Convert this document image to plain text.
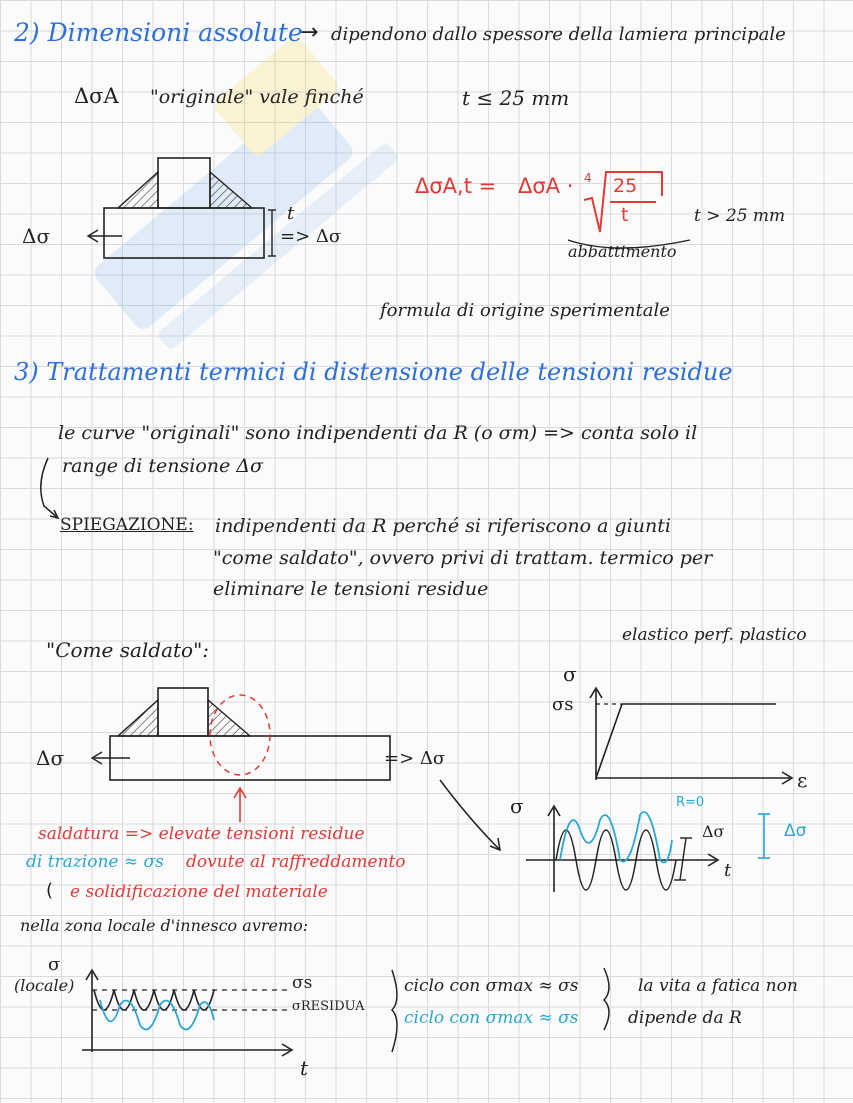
2) Dimensioni assolute
→ dipendono dallo spessore della lamiera principale
ΔσA "originale" vale finché	t ≤ 25 mm
ΔσA,t = ΔσA · 4 25
t	t > 25 mm
abbattimento
Δσ	=> Δσ
t
formula di origine sperimentale
3) Trattamenti termici di distensione delle tensioni residue
le curve "originali" sono indipendenti da R (o σm) => conta solo il
range di tensione Δσ
SPIEGAZIONE: indipendenti da R perché si riferiscono a giunti
"come saldato", ovvero privi di trattam. termico per
eliminare le tensioni residue
"Come saldato":
elastico perf. plastico
Δσ	=> Δσ
saldatura => elevate tensioni residue
di trazione ≈ σs dovute al raffreddamento
e solidificazione del materiale
(
nella zona locale d'innesco avremo:
σ
σs
ε
σ	R=0
Δσ	Δσ
t
σ
(locale)	σs
σRESIDUA
t
ciclo con σmax ≈ σs
ciclo con σmax ≈ σs
la vita a fatica non
dipende da R
